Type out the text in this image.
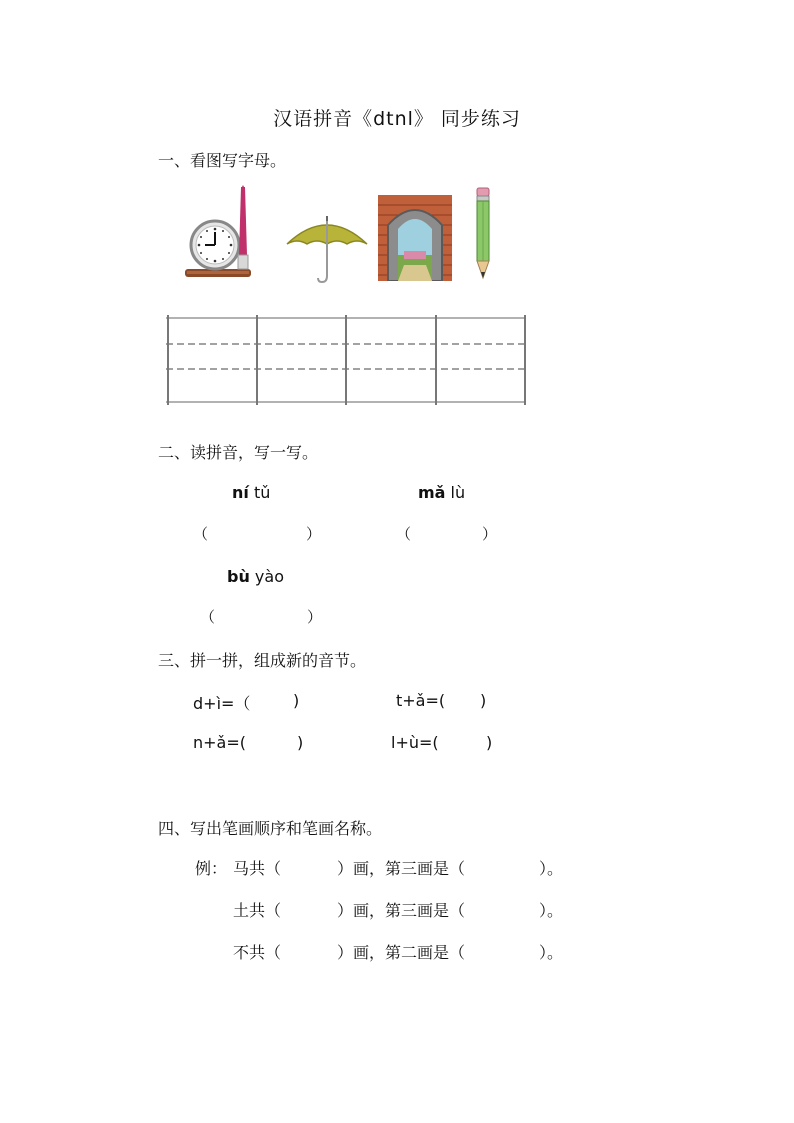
汉语拼音《dtnl》 同步练习
一、看图写字母。
二、读拼音，写一写。
ní tǔ	mǎ lù
（	）	（	）
bù yào
（	）
三、拼一拼，组成新的音节。
d+ì=（	)	t+ǎ=( )
n+ǎ=(	)	l+ù=(	)
四、写出笔画顺序和笔画名称。
例： 马共（	）画，第三画是（	）。
土共（	）画，第三画是（	）。
不共（	）画，第二画是（	）。
